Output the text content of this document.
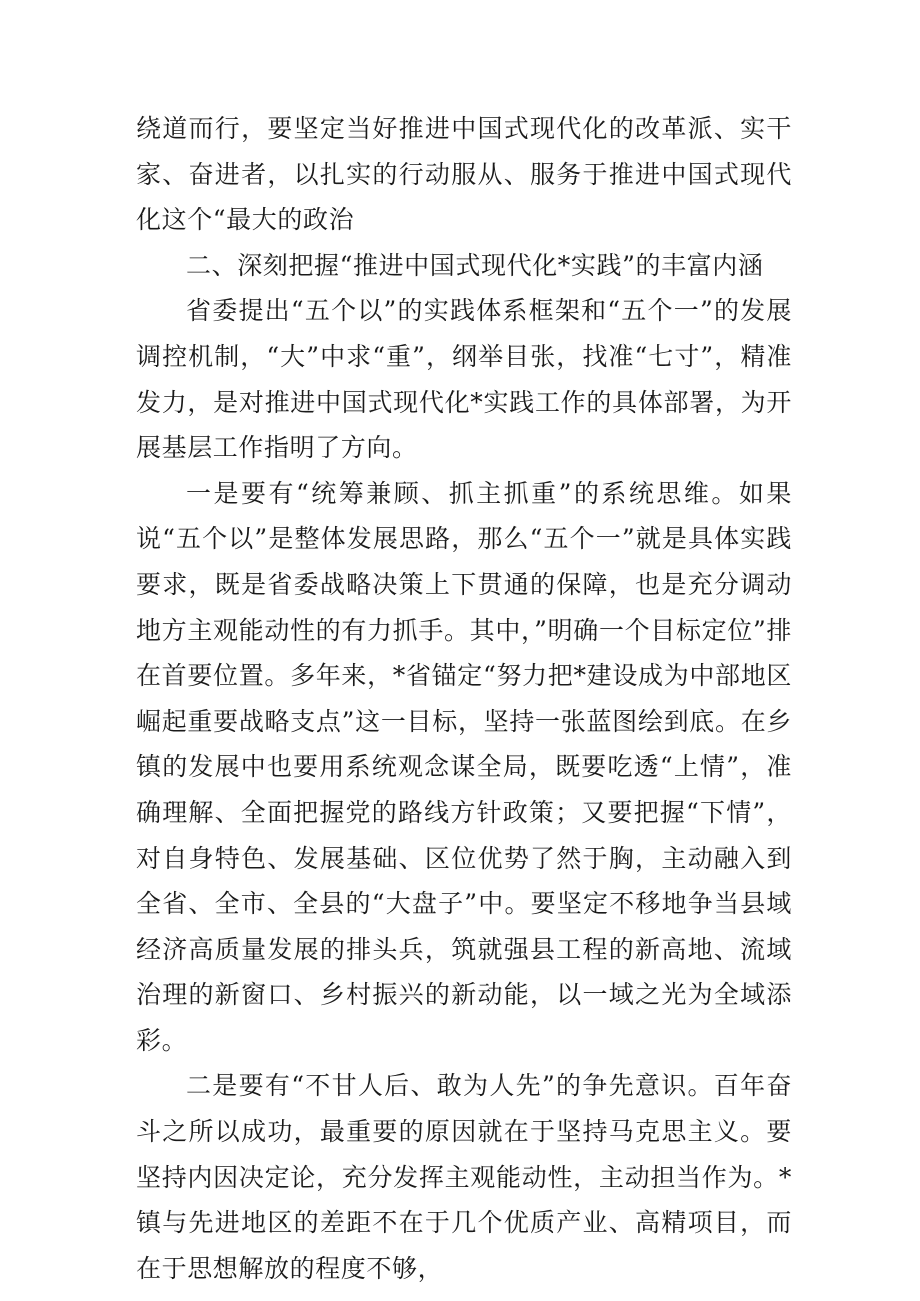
绕道而行，要坚定当好推进中国式现代化的改革派、实干家、奋进者，以扎实的行动服从、服务于推进中国式现代化这个“最大的政治

二、深刻把握“推进中国式现代化*实践”的丰富内涵

省委提出“五个以”的实践体系框架和“五个一”的发展调控机制，“大”中求“重”，纲举目张，找准“七寸”，精准发力，是对推进中国式现代化*实践工作的具体部署，为开展基层工作指明了方向。

一是要有“统筹兼顾、抓主抓重”的系统思维。如果说“五个以”是整体发展思路，那么“五个一”就是具体实践要求，既是省委战略决策上下贯通的保障，也是充分调动地方主观能动性的有力抓手。其中，”明确一个目标定位”排在首要位置。多年来，*省锚定“努力把*建设成为中部地区崛起重要战略支点”这一目标，坚持一张蓝图绘到底。在乡镇的发展中也要用系统观念谋全局，既要吃透“上情”，准确理解、全面把握党的路线方针政策；又要把握“下情”，对自身特色、发展基础、区位优势了然于胸，主动融入到全省、全市、全县的“大盘子”中。要坚定不移地争当县域经济高质量发展的排头兵，筑就强县工程的新高地、流域治理的新窗口、乡村振兴的新动能，以一域之光为全域添彩。

二是要有“不甘人后、敢为人先”的争先意识。百年奋斗之所以成功，最重要的原因就在于坚持马克思主义。要坚持内因决定论，充分发挥主观能动性，主动担当作为。*镇与先进地区的差距不在于几个优质产业、高精项目，而在于思想解放的程度不够，
